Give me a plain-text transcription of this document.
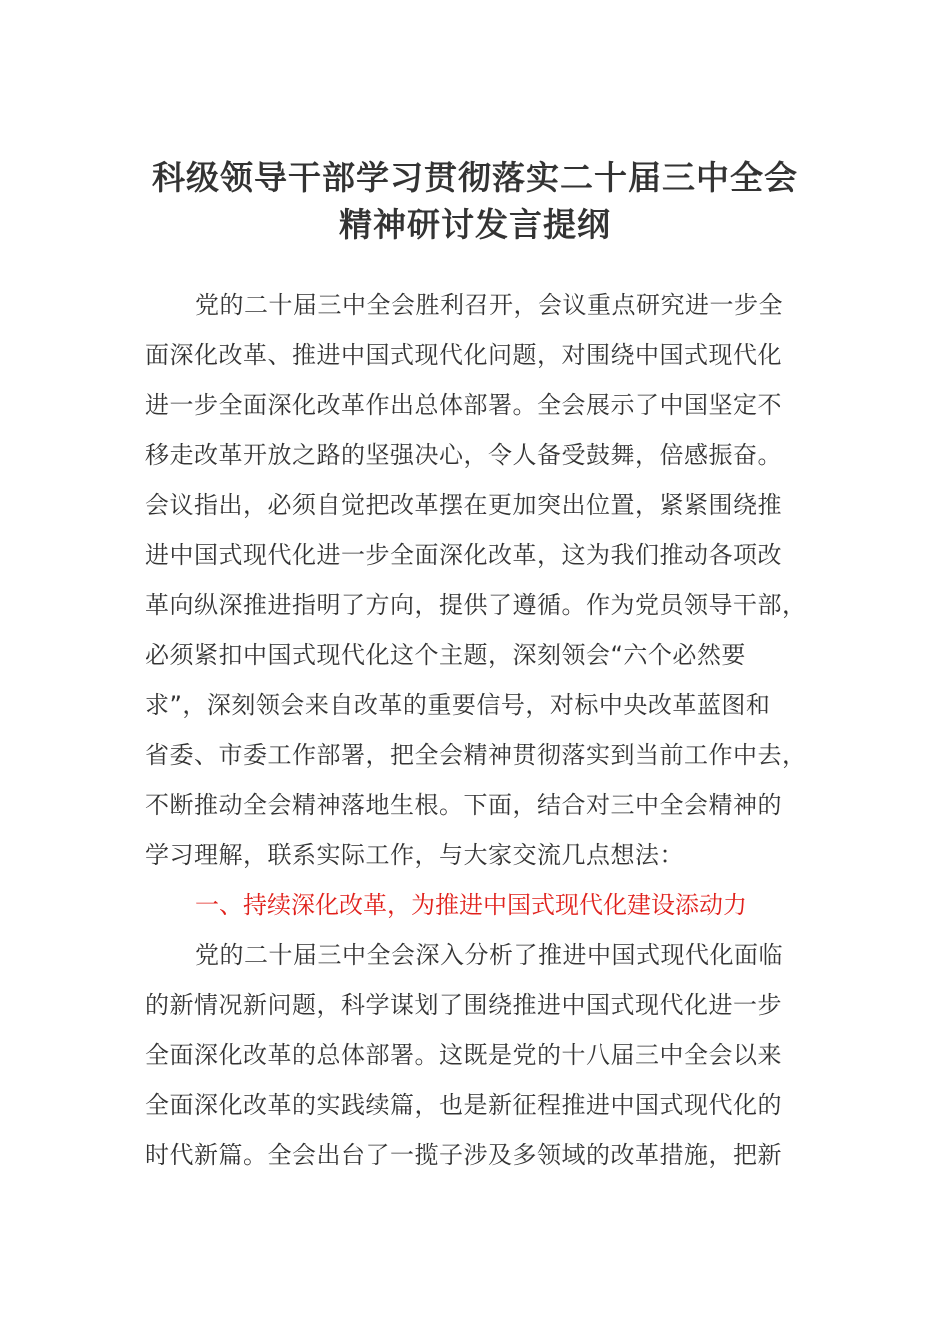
科级领导干部学习贯彻落实二十届三中全会
精神研讨发言提纲
党的二十届三中全会胜利召开，会议重点研究进一步全
面深化改革、推进中国式现代化问题，对围绕中国式现代化
进一步全面深化改革作出总体部署。全会展示了中国坚定不
移走改革开放之路的坚强决心，令人备受鼓舞，倍感振奋。
会议指出，必须自觉把改革摆在更加突出位置，紧紧围绕推
进中国式现代化进一步全面深化改革，这为我们推动各项改
革向纵深推进指明了方向，提供了遵循。作为党员领导干部，
必须紧扣中国式现代化这个主题，深刻领会“六个必然要
求”，深刻领会来自改革的重要信号，对标中央改革蓝图和
省委、市委工作部署，把全会精神贯彻落实到当前工作中去，
不断推动全会精神落地生根。下面，结合对三中全会精神的
学习理解，联系实际工作，与大家交流几点想法：
一、持续深化改革，为推进中国式现代化建设添动力
党的二十届三中全会深入分析了推进中国式现代化面临
的新情况新问题，科学谋划了围绕推进中国式现代化进一步
全面深化改革的总体部署。这既是党的十八届三中全会以来
全面深化改革的实践续篇，也是新征程推进中国式现代化的
时代新篇。全会出台了一揽子涉及多领域的改革措施，把新
